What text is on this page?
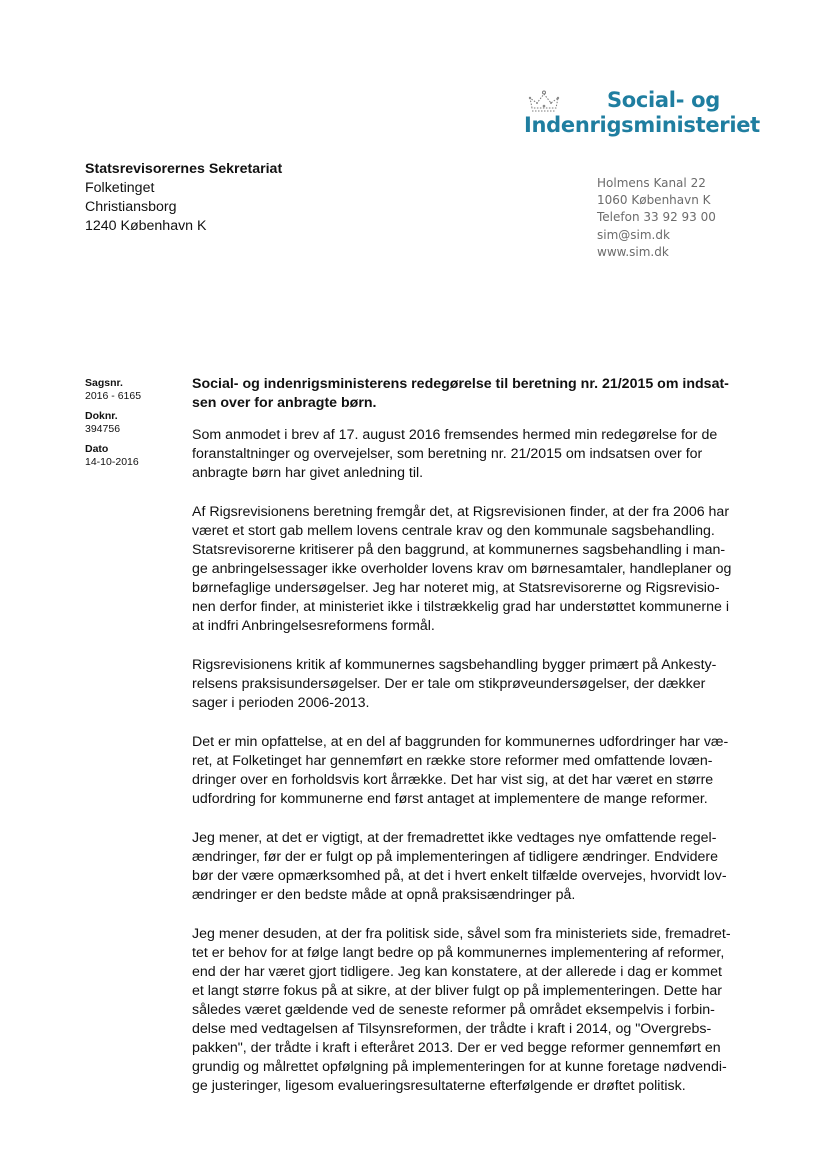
Social- og
Indenrigsministeriet
Statsrevisorernes Sekretariat
Folketinget
Christiansborg
1240 København K
Holmens Kanal 22
1060 København K
Telefon 33 92 93 00
sim@sim.dk
www.sim.dk
Sagsnr.
2016 - 6165
Doknr.
394756
Dato
14-10-2016
Social- og indenrigsministerens redegørelse til beretning nr. 21/2015 om indsat-
sen over for anbragte børn.

Som anmodet i brev af 17. august 2016 fremsendes hermed min redegørelse for de
foranstaltninger og overvejelser, som beretning nr. 21/2015 om indsatsen over for
anbragte børn har givet anledning til.

Af Rigsrevisionens beretning fremgår det, at Rigsrevisionen finder, at der fra 2006 har
været et stort gab mellem lovens centrale krav og den kommunale sagsbehandling.
Statsrevisorerne kritiserer på den baggrund, at kommunernes sagsbehandling i man-
ge anbringelsessager ikke overholder lovens krav om børnesamtaler, handleplaner og
børnefaglige undersøgelser. Jeg har noteret mig, at Statsrevisorerne og Rigsrevisio-
nen derfor finder, at ministeriet ikke i tilstrækkelig grad har understøttet kommunerne i
at indfri Anbringelsesreformens formål.

Rigsrevisionens kritik af kommunernes sagsbehandling bygger primært på Ankesty-
relsens praksisundersøgelser. Der er tale om stikprøveundersøgelser, der dækker
sager i perioden 2006-2013.

Det er min opfattelse, at en del af baggrunden for kommunernes udfordringer har væ-
ret, at Folketinget har gennemført en række store reformer med omfattende lovæn-
dringer over en forholdsvis kort årrække. Det har vist sig, at det har været en større
udfordring for kommunerne end først antaget at implementere de mange reformer.

Jeg mener, at det er vigtigt, at der fremadrettet ikke vedtages nye omfattende regel-
ændringer, før der er fulgt op på implementeringen af tidligere ændringer. Endvidere
bør der være opmærksomhed på, at det i hvert enkelt tilfælde overvejes, hvorvidt lov-
ændringer er den bedste måde at opnå praksisændringer på.

Jeg mener desuden, at der fra politisk side, såvel som fra ministeriets side, fremadret-
tet er behov for at følge langt bedre op på kommunernes implementering af reformer,
end der har været gjort tidligere. Jeg kan konstatere, at der allerede i dag er kommet
et langt større fokus på at sikre, at der bliver fulgt op på implementeringen. Dette har
således været gældende ved de seneste reformer på området eksempelvis i forbin-
delse med vedtagelsen af Tilsynsreformen, der trådte i kraft i 2014, og "Overgrebs-
pakken", der trådte i kraft i efteråret 2013. Der er ved begge reformer gennemført en
grundig og målrettet opfølgning på implementeringen for at kunne foretage nødvendi-
ge justeringer, ligesom evalueringsresultaterne efterfølgende er drøftet politisk.
